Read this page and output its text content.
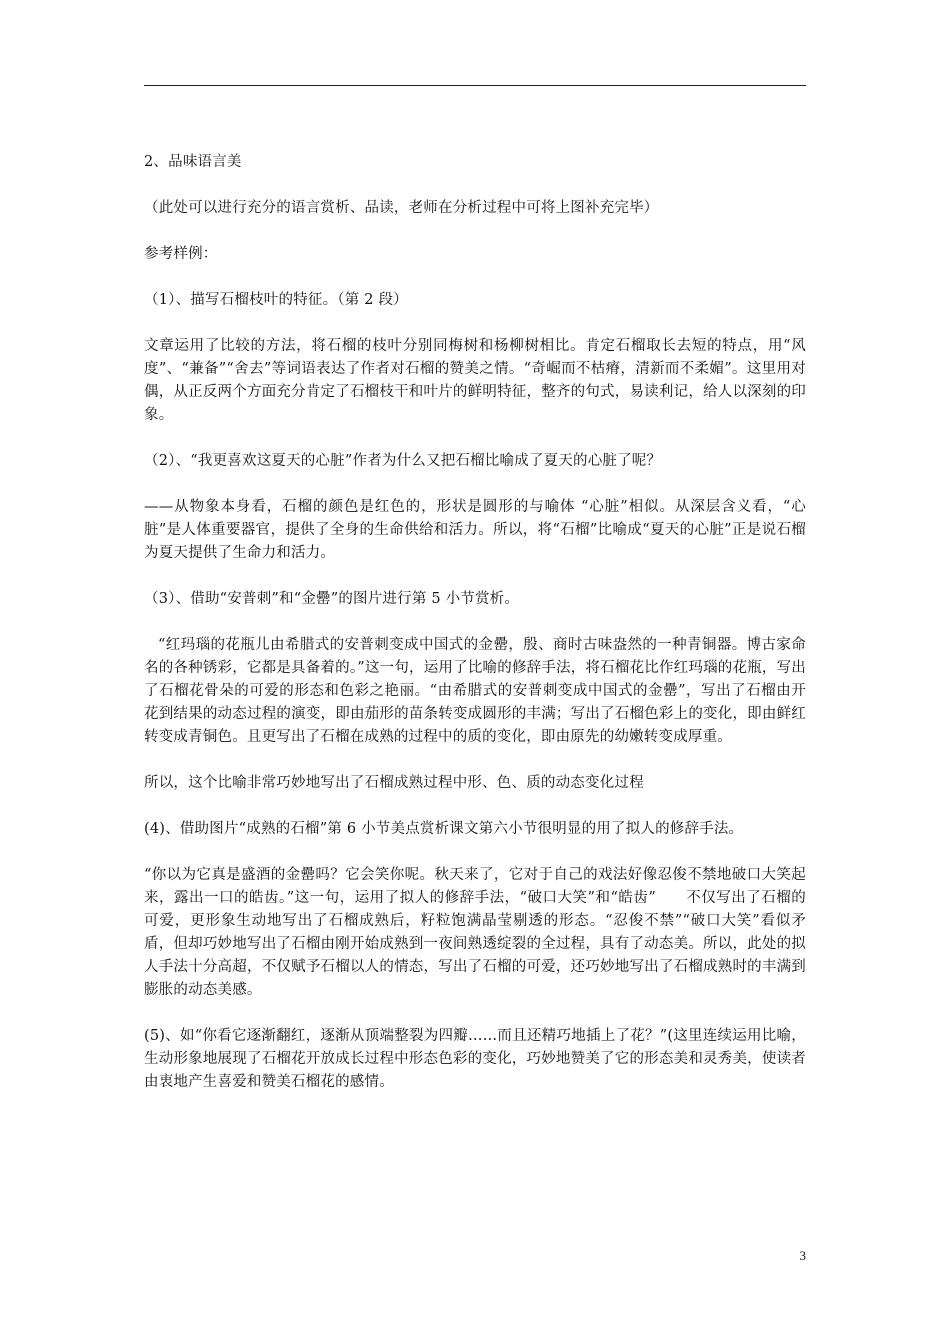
2、品味语言美

（此处可以进行充分的语言赏析、品读，老师在分析过程中可将上图补充完毕）

参考样例：

（1）、描写石榴枝叶的特征。（第 2 段）

文章运用了比较的方法，将石榴的枝叶分别同梅树和杨柳树相比。肯定石榴取长去短的特点，用“风度”、“兼备”“舍去”等词语表达了作者对石榴的赞美之情。“奇崛而不枯瘠，清新而不柔媚”。这里用对偶，从正反两个方面充分肯定了石榴枝干和叶片的鲜明特征，整齐的句式，易读利记，给人以深刻的印象。

（2）、“我更喜欢这夏天的心脏”作者为什么又把石榴比喻成了夏天的心脏了呢？

——从物象本身看，石榴的颜色是红色的，形状是圆形的与喻体 “心脏”相似。从深层含义看，“心脏”是人体重要器官，提供了全身的生命供给和活力。所以，将“石榴”比喻成“夏天的心脏”正是说石榴为夏天提供了生命力和活力。

（3）、借助“安普刺”和“金罍”的图片进行第 5 小节赏析。

“红玛瑙的花瓶儿由希腊式的安普刺变成中国式的金罍，殷、商时古味盎然的一种青铜器。博古家命名的各种锈彩，它都是具备着的。”这一句，运用了比喻的修辞手法，将石榴花比作红玛瑙的花瓶，写出了石榴花骨朵的可爱的形态和色彩之艳丽。“由希腊式的安普刺变成中国式的金罍”，写出了石榴由开花到结果的动态过程的演变，即由茄形的苗条转变成圆形的丰满；写出了石榴色彩上的变化，即由鲜红转变成青铜色。且更写出了石榴在成熟的过程中的质的变化，即由原先的幼嫩转变成厚重。

所以，这个比喻非常巧妙地写出了石榴成熟过程中形、色、质的动态变化过程

(4)、借助图片“成熟的石榴”第 6 小节美点赏析课文第六小节很明显的用了拟人的修辞手法。

“你以为它真是盛酒的金罍吗？它会笑你呢。秋天来了，它对于自己的戏法好像忍俊不禁地破口大笑起来，露出一口的皓齿。”这一句，运用了拟人的修辞手法，“破口大笑”和“皓齿”　　不仅写出了石榴的可爱，更形象生动地写出了石榴成熟后，籽粒饱满晶莹剔透的形态。“忍俊不禁”“破口大笑”看似矛盾，但却巧妙地写出了石榴由刚开始成熟到一夜间熟透绽裂的全过程，具有了动态美。所以，此处的拟人手法十分高超，不仅赋予石榴以人的情态，写出了石榴的可爱，还巧妙地写出了石榴成熟时的丰满到膨胀的动态美感。

(5)、如“你看它逐渐翻红，逐渐从顶端整裂为四瓣……而且还精巧地插上了花？”(这里连续运用比喻，生动形象地展现了石榴花开放成长过程中形态色彩的变化，巧妙地赞美了它的形态美和灵秀美，使读者由衷地产生喜爱和赞美石榴花的感情。

3
